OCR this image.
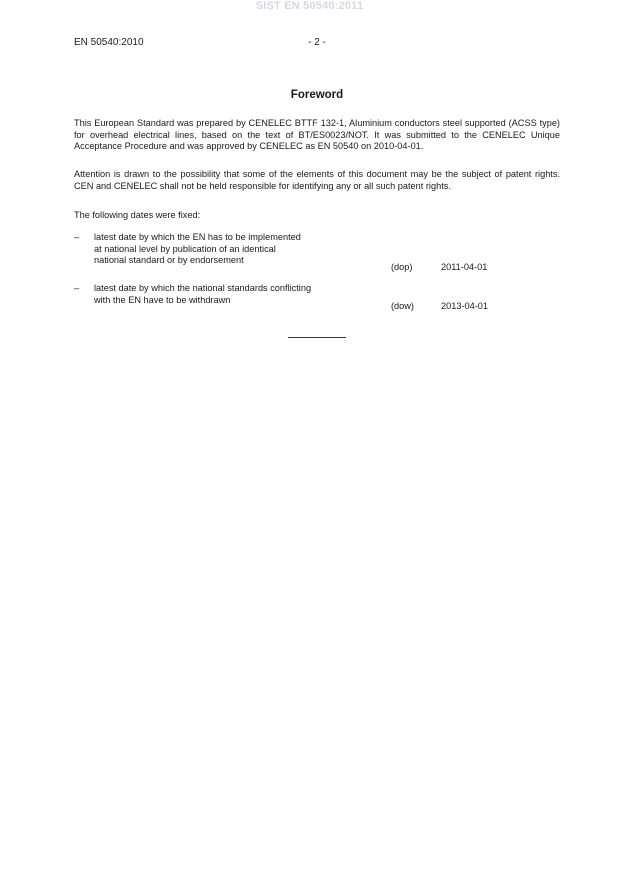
SIST EN 50540:2011
EN 50540:2010	- 2 -
Foreword
This European Standard was prepared by CENELEC BTTF 132-1, Aluminium conductors steel supported (ACSS type) for overhead electrical lines, based on the text of BT/ES0023/NOT. It was submitted to the CENELEC Unique Acceptance Procedure and was approved by CENELEC as EN 50540 on 2010-04-01.
Attention is drawn to the possibility that some of the elements of this document may be the subject of patent rights. CEN and CENELEC shall not be held responsible for identifying any or all such patent rights.
The following dates were fixed:
– latest date by which the EN has to be implemented
at national level by publication of an identical
national standard or by endorsement
(dop)	2011-04-01
– latest date by which the national standards conflicting
with the EN have to be withdrawn
(dow)	2013-04-01
